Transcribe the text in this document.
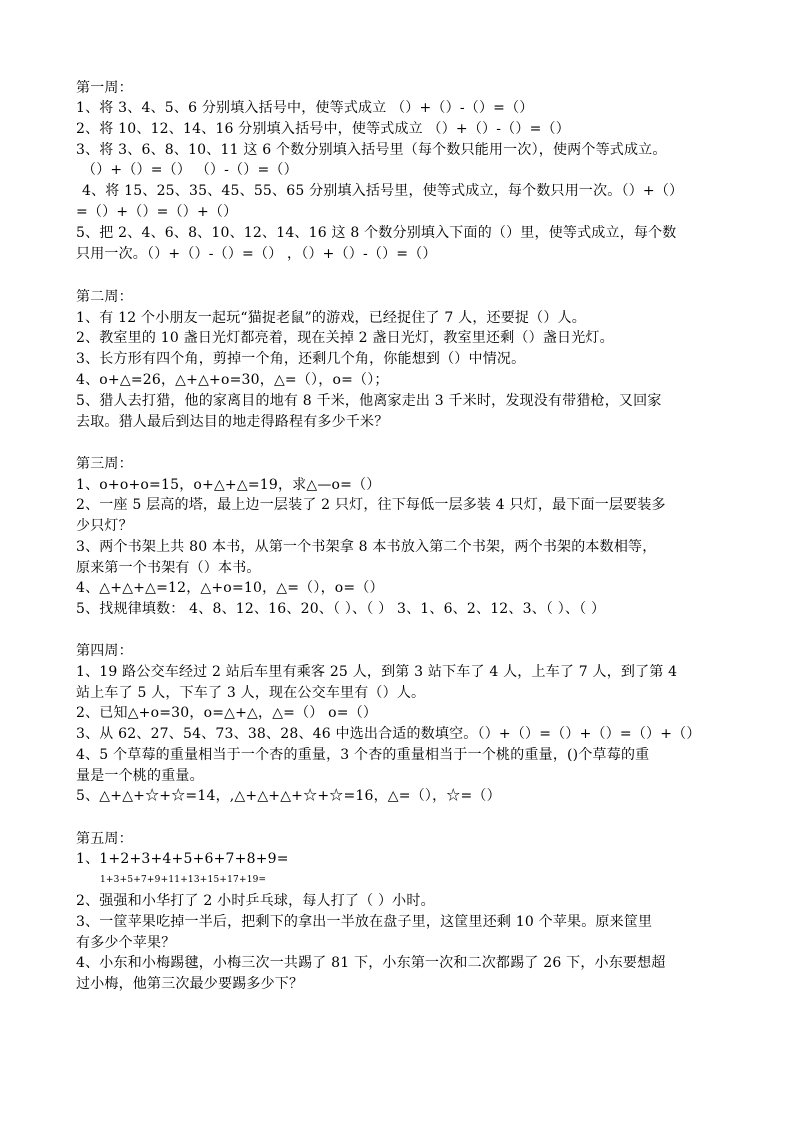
第一周：
1、将 3、4、5、6 分别填入括号中，使等式成立 （）+（）-（）=（）
2、将 10、12、14、16 分别填入括号中，使等式成立 （）+（）-（）=（）
3、将 3、6、8、10、11 这 6 个数分别填入括号里（每个数只能用一次），使两个等式成立。
（）+（）=（） （）-（）=（）
4、将 15、25、35、45、55、65 分别填入括号里，使等式成立，每个数只用一次。（）+（）
=（）+（）=（）+（）
5、把 2、4、6、8、10、12、14、16 这 8 个数分别填入下面的（）里，使等式成立，每个数
只用一次。（）+（）-（）=（） ，（）+（）-（）=（）
第二周：
1、有 12 个小朋友一起玩“猫捉老鼠”的游戏，已经捉住了 7 人，还要捉（）人。
2、教室里的 10 盏日光灯都亮着，现在关掉 2 盏日光灯，教室里还剩（）盏日光灯。
3、长方形有四个角，剪掉一个角，还剩几个角，你能想到（）中情况。
4、o+△=26，△+△+o=30，△=（），o=（）；
5、猎人去打猎，他的家离目的地有 8 千米，他离家走出 3 千米时，发现没有带猎枪，又回家
去取。猎人最后到达目的地走得路程有多少千米？
第三周：
1、o+o+o=15，o+△+△=19，求△—o=（）
2、一座 5 层高的塔，最上边一层装了 2 只灯，往下每低一层多装 4 只灯，最下面一层要装多
少只灯？
3、两个书架上共 80 本书，从第一个书架拿 8 本书放入第二个书架，两个书架的本数相等，
原来第一个书架有（）本书。
4、△+△+△=12，△+o=10，△=（），o=（）
5、找规律填数： 4、8、12、16、20、（ ）、（ ） 3、1、6、2、12、3、（ ）、（ ）
第四周：
1、19 路公交车经过 2 站后车里有乘客 25 人，到第 3 站下车了 4 人，上车了 7 人，到了第 4
站上车了 5 人，下车了 3 人，现在公交车里有（）人。
2、已知△+o=30，o=△+△，△=（） o=（）
3、从 62、27、54、73、38、28、46 中选出合适的数填空。（）+（）=（）+（）=（）+（）
4、5 个草莓的重量相当于一个杏的重量，3 个杏的重量相当于一个桃的重量，()个草莓的重
量是一个桃的重量。
5、△+△+☆+☆=14，,△+△+△+☆+☆=16，△=（），☆=（）
第五周：
1、1+2+3+4+5+6+7+8+9=
1+3+5+7+9+11+13+15+17+19=
2、强强和小华打了 2 小时乒乓球，每人打了（ ）小时。
3、一筐苹果吃掉一半后，把剩下的拿出一半放在盘子里，这筐里还剩 10 个苹果。原来筐里
有多少个苹果？
4、小东和小梅踢毽，小梅三次一共踢了 81 下，小东第一次和二次都踢了 26 下，小东要想超
过小梅，他第三次最少要踢多少下？
